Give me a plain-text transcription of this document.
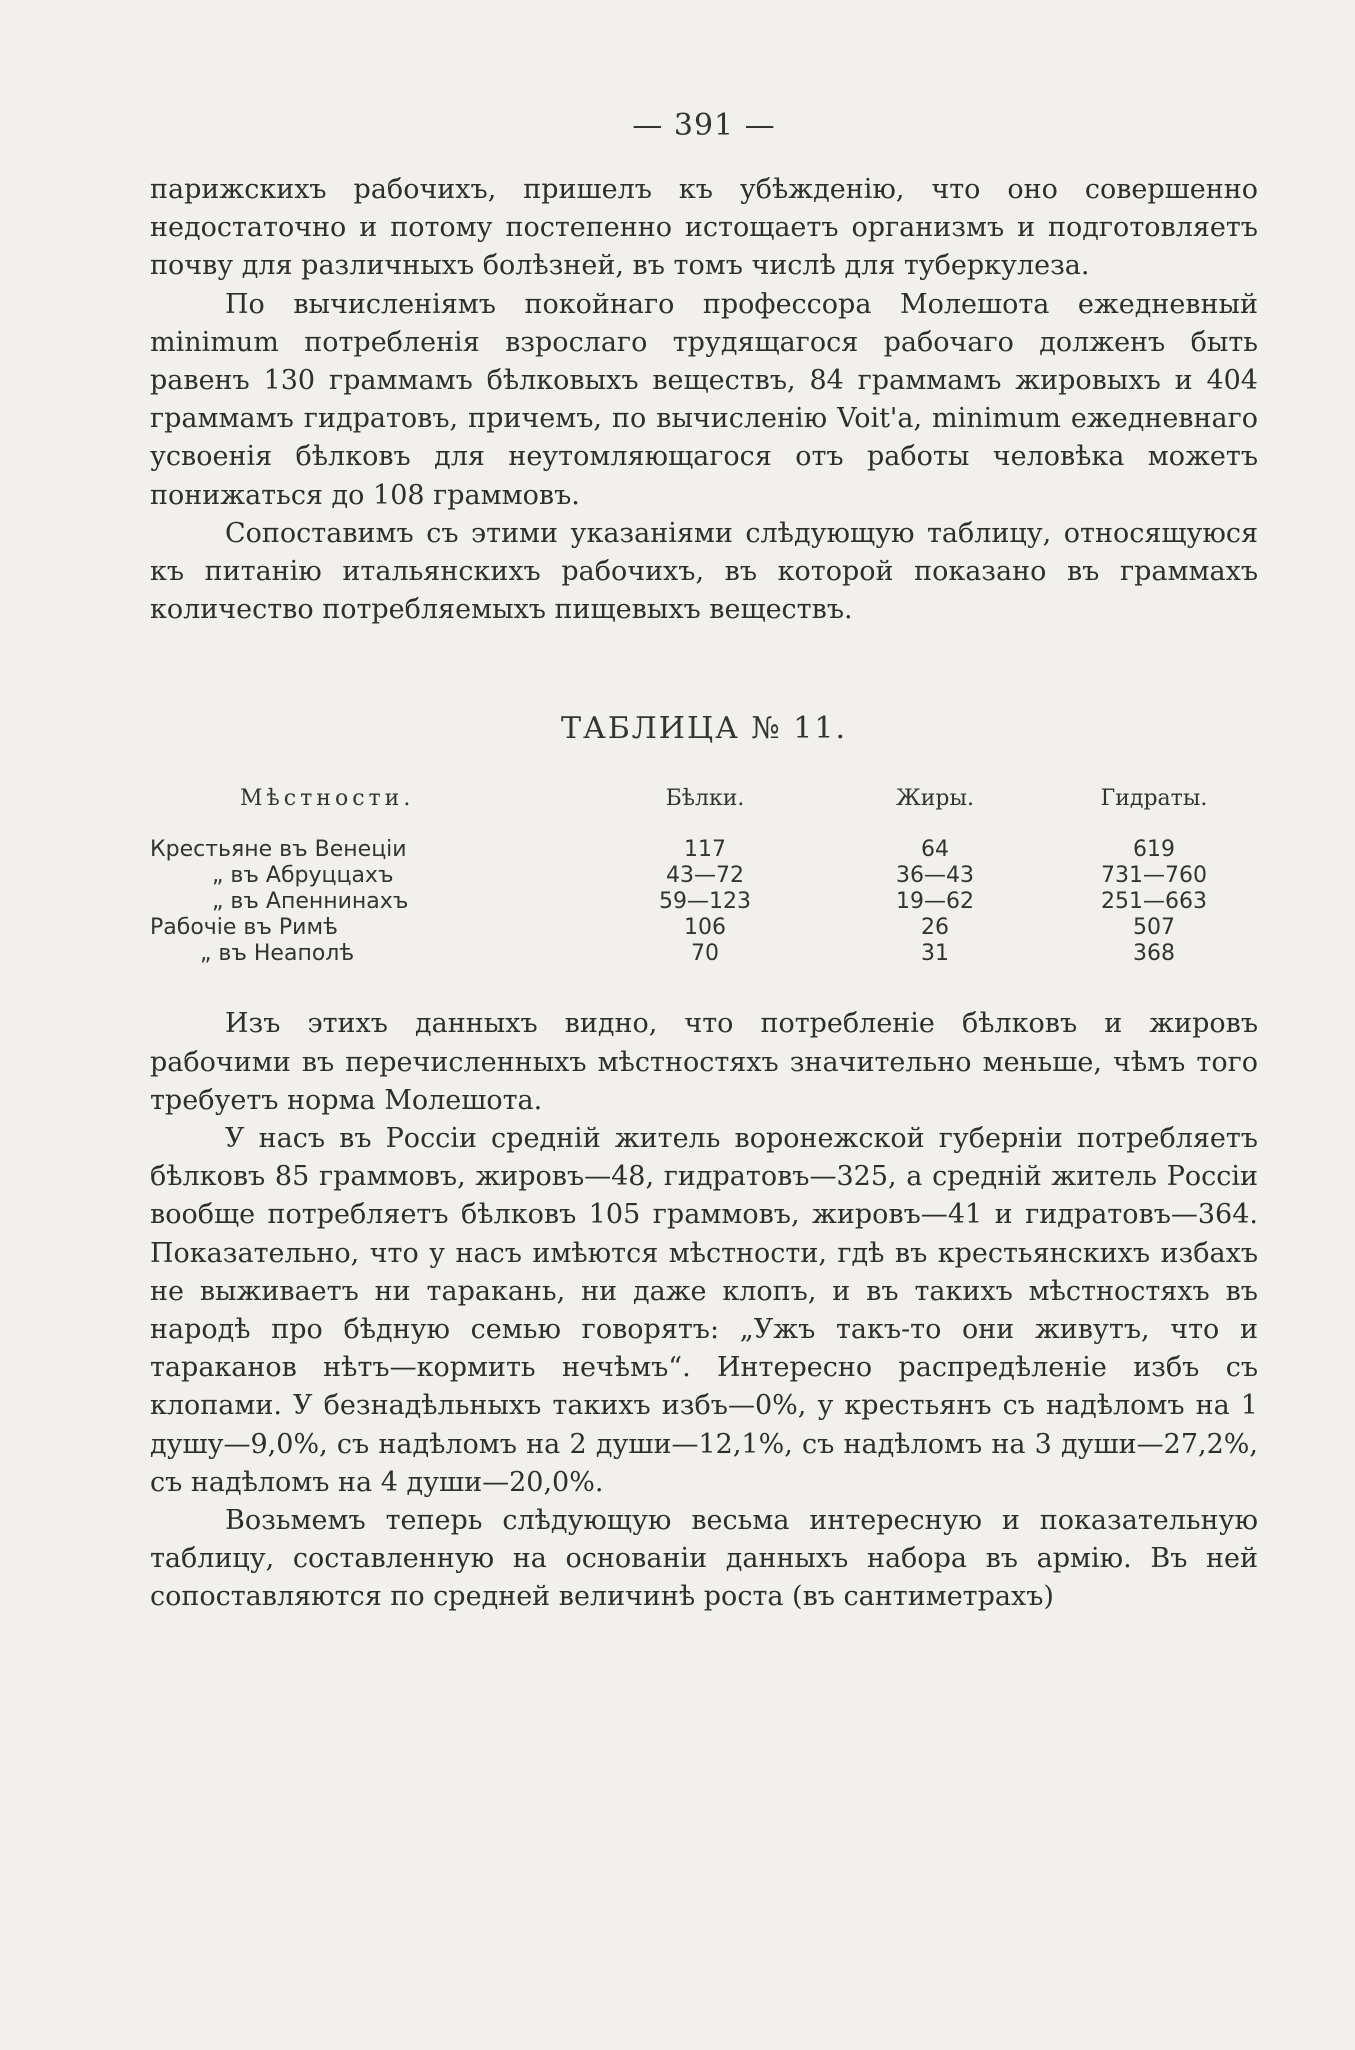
— 391 —

парижскихъ рабочихъ, пришелъ къ убѣжденію, что оно совершенно недостаточно и потому постепенно истощаетъ организмъ и подготовляетъ почву для различныхъ болѣзней, въ томъ числѣ для туберкулеза.

По вычисленіямъ покойнаго профессора Молешота ежедневный minimum потребленія взрослаго трудящагося рабочаго долженъ быть равенъ 130 граммамъ бѣлковыхъ веществъ, 84 граммамъ жировыхъ и 404 граммамъ гидратовъ, причемъ, по вычисленію Voit'a, minimum ежедневнаго усвоенія бѣлковъ для неутомляющагося отъ работы человѣка можетъ понижаться до 108 граммовъ.

Сопоставимъ съ этими указаніями слѣдующую таблицу, относящуюся къ питанію итальянскихъ рабочихъ, въ которой показано въ граммахъ количество потребляемыхъ пищевыхъ веществъ.

ТАБЛИЦА № 11.
Мѣстности.	Бѣлки.	Жиры.	Гидраты.
Крестьяне въ Венеціи	117	64	619
„ въ Абруццахъ	43—72	36—43	731—760
„ въ Апеннинахъ	59—123	19—62	251—663
Рабочіе въ Римѣ	106	26	507
„ въ Неаполѣ	70	31	368

Изъ этихъ данныхъ видно, что потребленіе бѣлковъ и жировъ рабочими въ перечисленныхъ мѣстностяхъ значительно меньше, чѣмъ того требуетъ норма Молешота.

У насъ въ Россіи средній житель воронежской губерніи потребляетъ бѣлковъ 85 граммовъ, жировъ—48, гидратовъ—325, а средній житель Россіи вообще потребляетъ бѣлковъ 105 граммовъ, жировъ—41 и гидратовъ—364. Показательно, что у насъ имѣются мѣстности, гдѣ въ крестьянскихъ избахъ не выживаетъ ни таракань, ни даже клопъ, и въ такихъ мѣстностяхъ въ народѣ про бѣдную семью говорятъ: „Ужъ такъ-то они живутъ, что и тараканов нѣтъ—кормить нечѣмъ“. Интересно распредѣленіе избъ съ клопами. У безнадѣльныхъ такихъ избъ—0%, у крестьянъ съ надѣломъ на 1 душу—9,0%, съ надѣломъ на 2 души—12,1%, съ надѣломъ на 3 души—27,2%, съ надѣломъ на 4 души—20,0%.

Возьмемъ теперь слѣдующую весьма интересную и показательную таблицу, составленную на основаніи данныхъ набора въ армію. Въ ней сопоставляются по средней величинѣ роста (въ сантиметрахъ)
